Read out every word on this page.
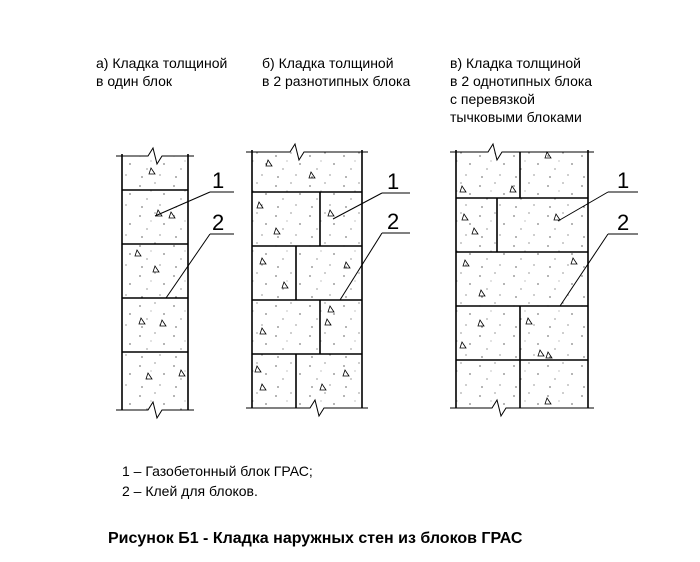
а) Кладка толщиной
в один блок
б) Кладка толщиной
в 2 разнотипных блока
в) Кладка толщиной
в 2 однотипных блока
с перевязкой
тычковыми блоками
1
2
1
2
1
2
1 – Газобетонный блок ГРАС;
2 – Клей для блоков.
Рисунок Б1 - Кладка наружных стен из блоков ГРАС
